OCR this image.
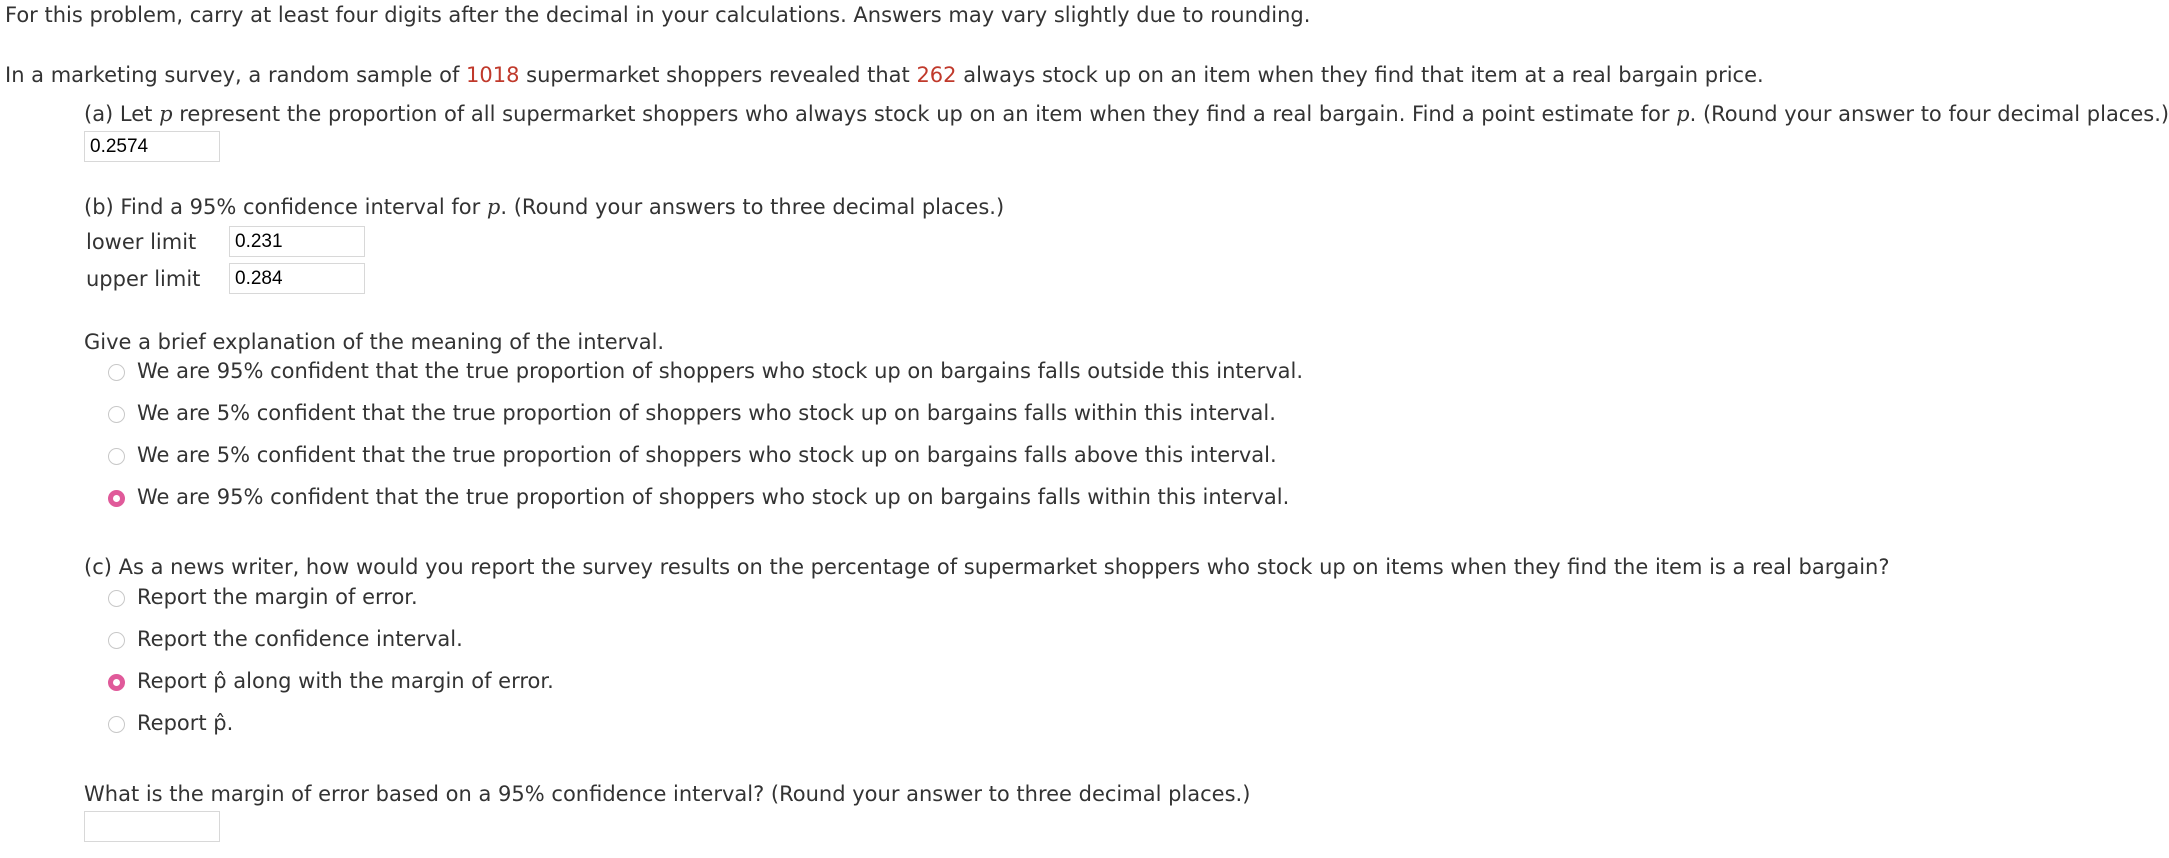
For this problem, carry at least four digits after the decimal in your calculations. Answers may vary slightly due to rounding.
In a marketing survey, a random sample of 1018 supermarket shoppers revealed that 262 always stock up on an item when they find that item at a real bargain price.
(a) Let p represent the proportion of all supermarket shoppers who always stock up on an item when they find a real bargain. Find a point estimate for p. (Round your answer to four decimal places.)
0.2574
(b) Find a 95% confidence interval for p. (Round your answers to three decimal places.)
lower limit
0.231
upper limit
0.284
Give a brief explanation of the meaning of the interval.
We are 95% confident that the true proportion of shoppers who stock up on bargains falls outside this interval.
We are 5% confident that the true proportion of shoppers who stock up on bargains falls within this interval.
We are 5% confident that the true proportion of shoppers who stock up on bargains falls above this interval.
We are 95% confident that the true proportion of shoppers who stock up on bargains falls within this interval.
(c) As a news writer, how would you report the survey results on the percentage of supermarket shoppers who stock up on items when they find the item is a real bargain?
Report the margin of error.
Report the confidence interval.
Report p̂ along with the margin of error.
Report p̂.
What is the margin of error based on a 95% confidence interval? (Round your answer to three decimal places.)
